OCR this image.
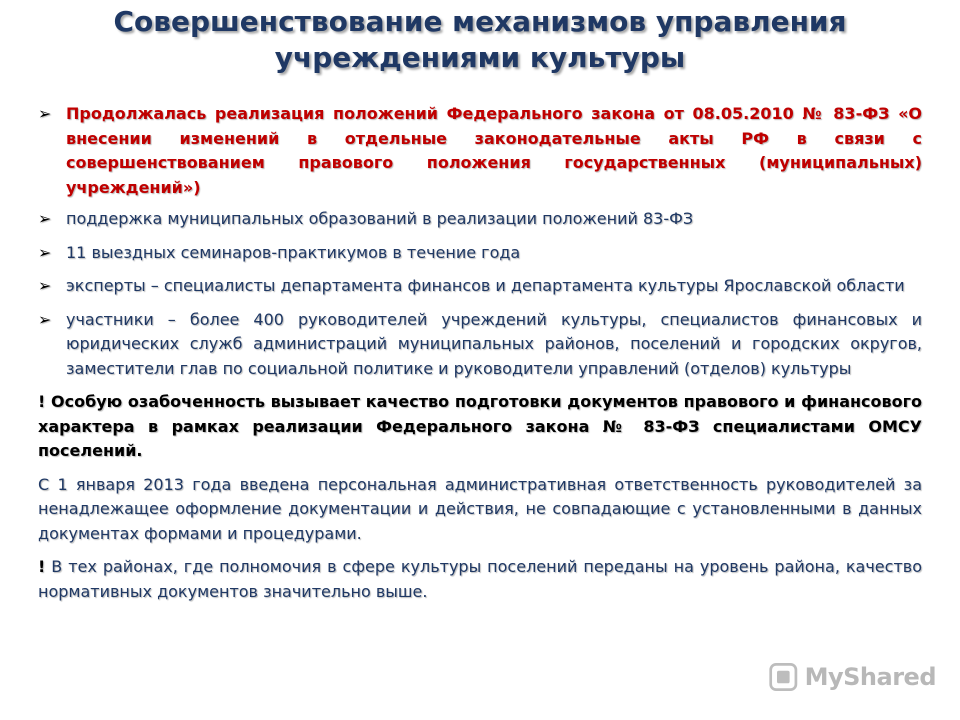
Совершенствование механизмов управления
учреждениями культуры
➢ Продолжалась реализация положений Федерального закона от 08.05.2010 № 83-ФЗ «О внесении изменений в отдельные законодательные акты РФ в связи с совершенствованием правового положения государственных (муниципальных) учреждений»)
➢ поддержка муниципальных образований в реализации положений 83-ФЗ
➢ 11 выездных семинаров-практикумов в течение года
➢ эксперты – специалисты департамента финансов и департамента культуры Ярославской области
➢ участники – более 400 руководителей учреждений культуры, специалистов финансовых и юридических служб администраций муниципальных районов, поселений и городских округов, заместители глав по социальной политике и руководители управлений (отделов) культуры
! Особую озабоченность вызывает качество подготовки документов правового и финансового характера в рамках реализации Федерального закона № 83-ФЗ специалистами ОМСУ поселений.
С 1 января 2013 года введена персональная административная ответственность руководителей за ненадлежащее оформление документации и действия, не совпадающие с установленными в данных документах формами и процедурами.
! В тех районах, где полномочия в сфере культуры поселений переданы на уровень района, качество нормативных документов значительно выше.
MyShared
